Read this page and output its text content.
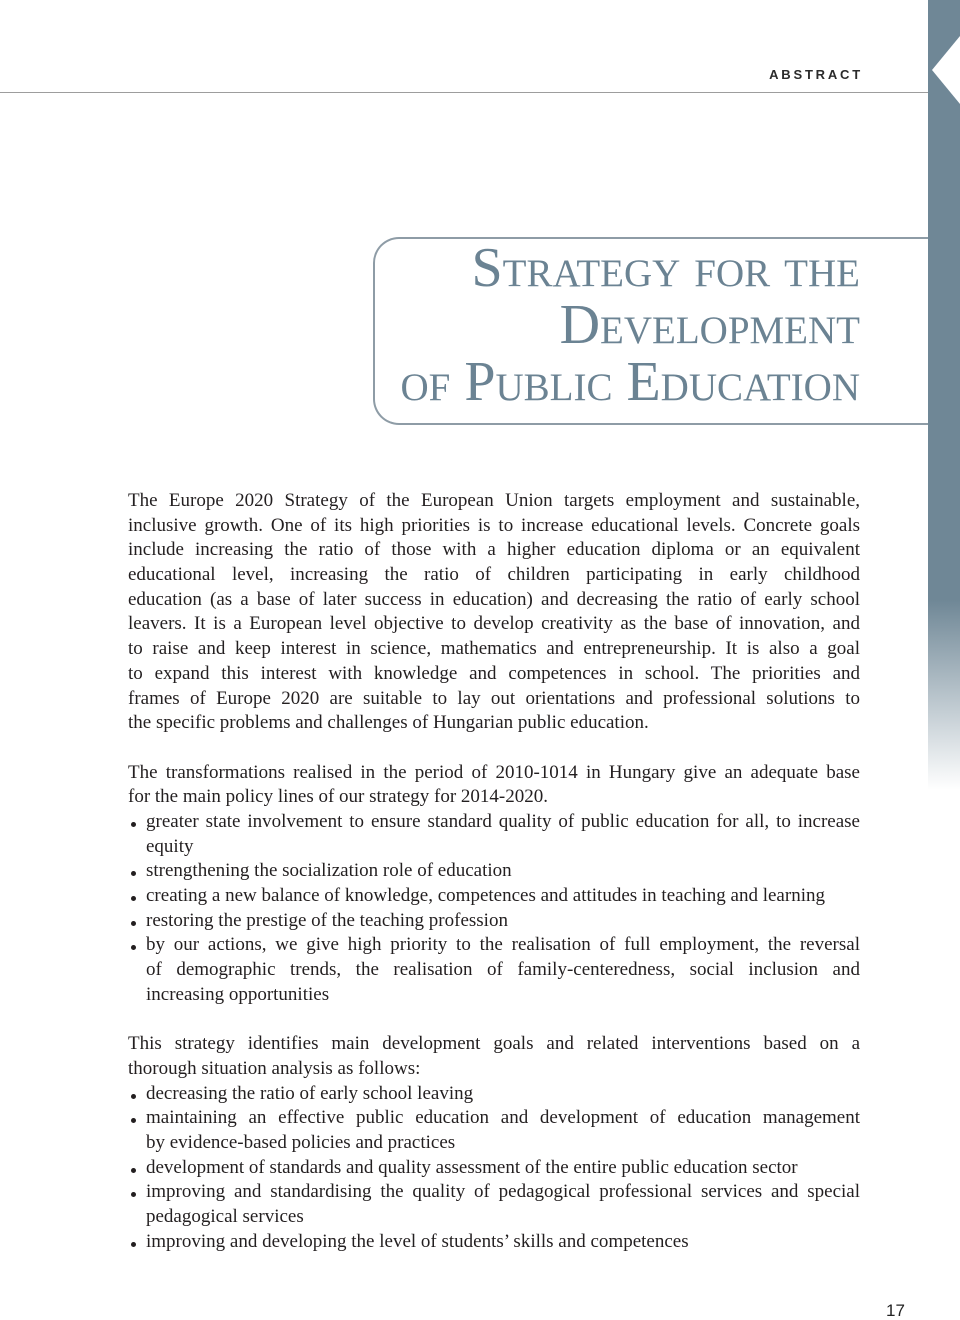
ABSTRACT
Strategy for the
Development
of Public Education
The Europe 2020 Strategy of the European Union targets employment and sustainable,
inclusive growth. One of its high priorities is to increase educational levels. Concrete goals
include increasing the ratio of those with a higher education diploma or an equivalent
educational level, increasing the ratio of children participating in early childhood
education (as a base of later success in education) and decreasing the ratio of early school
leavers. It is a European level objective to develop creativity as the base of innovation, and
to raise and keep interest in science, mathematics and entrepreneurship. It is also a goal
to expand this interest with knowledge and competences in school. The priorities and
frames of Europe 2020 are suitable to lay out orientations and professional solutions to
the specific problems and challenges of Hungarian public education.
The transformations realised in the period of 2010-1014 in Hungary give an adequate base
for the main policy lines of our strategy for 2014-2020.
greater state involvement to ensure standard quality of public education for all, to increase
equity
strengthening the socialization role of education
creating a new balance of knowledge, competences and attitudes in teaching and learning
restoring the prestige of the teaching profession
by our actions, we give high priority to the realisation of full employment, the reversal
of demographic trends, the realisation of family-centeredness, social inclusion and
increasing opportunities
This strategy identifies main development goals and related interventions based on a
thorough situation analysis as follows:
decreasing the ratio of early school leaving
maintaining an effective public education and development of education management
by evidence-based policies and practices
development of standards and quality assessment of the entire public education sector
improving and standardising the quality of pedagogical professional services and special
pedagogical services
improving and developing the level of students’ skills and competences
17
